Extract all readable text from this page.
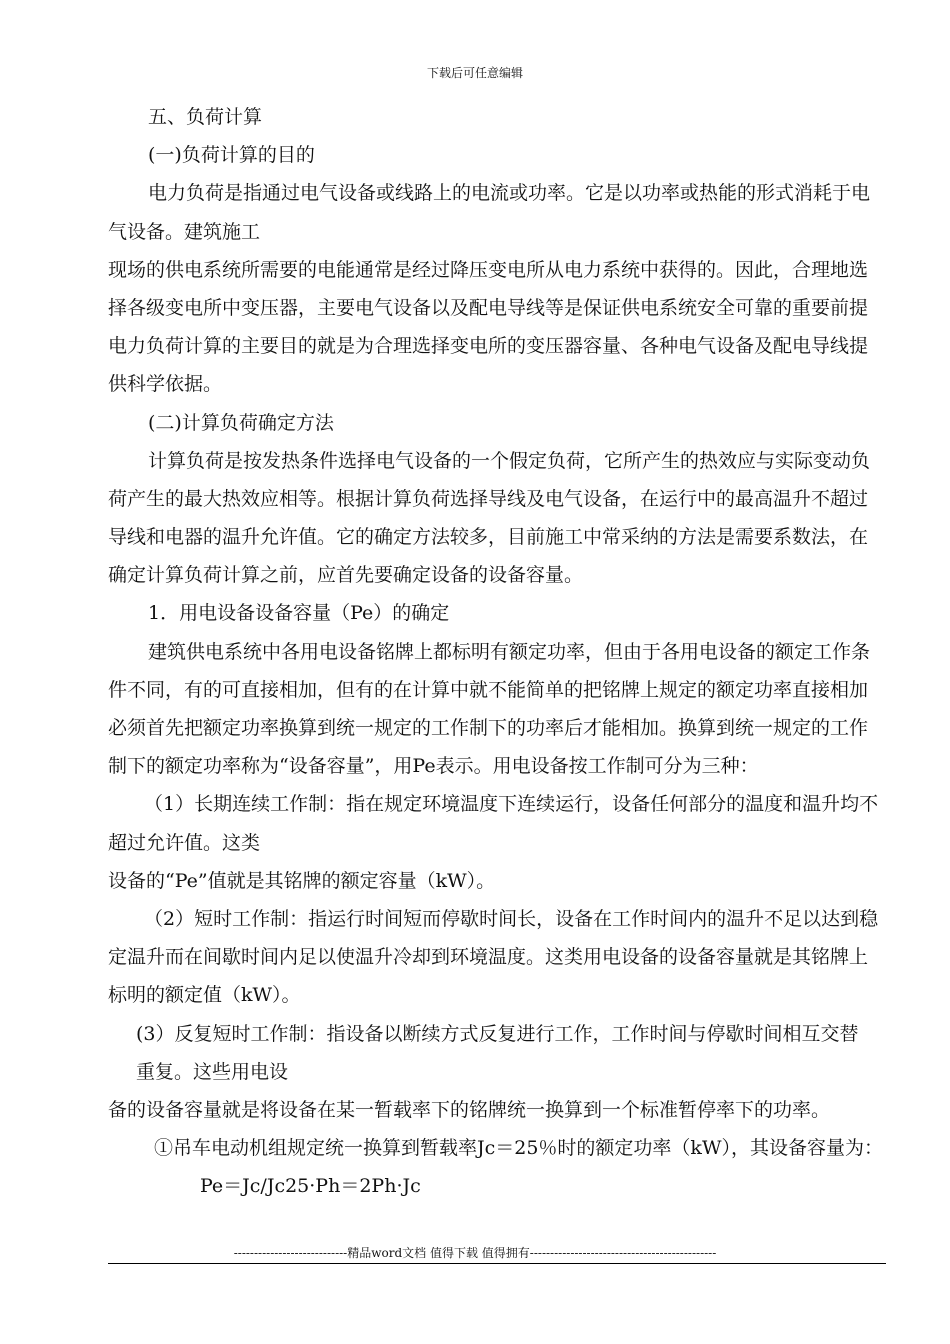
下载后可任意编辑
五、负荷计算
(一)负荷计算的目的
电力负荷是指通过电气设备或线路上的电流或功率。它是以功率或热能的形式消耗于电
气设备。建筑施工
现场的供电系统所需要的电能通常是经过降压变电所从电力系统中获得的。因此，合理地选
择各级变电所中变压器，主要电气设备以及配电导线等是保证供电系统安全可靠的重要前提
电力负荷计算的主要目的就是为合理选择变电所的变压器容量、各种电气设备及配电导线提
供科学依据。
(二)计算负荷确定方法
计算负荷是按发热条件选择电气设备的一个假定负荷，它所产生的热效应与实际变动负
荷产生的最大热效应相等。根据计算负荷选择导线及电气设备，在运行中的最高温升不超过
导线和电器的温升允许值。它的确定方法较多，目前施工中常采纳的方法是需要系数法，在
确定计算负荷计算之前，应首先要确定设备的设备容量。
1．用电设备设备容量（Pe）的确定
建筑供电系统中各用电设备铭牌上都标明有额定功率，但由于各用电设备的额定工作条
件不同，有的可直接相加，但有的在计算中就不能简单的把铭牌上规定的额定功率直接相加
必须首先把额定功率换算到统一规定的工作制下的功率后才能相加。换算到统一规定的工作
制下的额定功率称为“设备容量”，用Pe表示。用电设备按工作制可分为三种：
（1）长期连续工作制：指在规定环境温度下连续运行，设备任何部分的温度和温升均不
超过允许值。这类
设备的“Pe”值就是其铭牌的额定容量（kW）。
（2）短时工作制：指运行时间短而停歇时间长，设备在工作时间内的温升不足以达到稳
定温升而在间歇时间内足以使温升冷却到环境温度。这类用电设备的设备容量就是其铭牌上
标明的额定值（kW）。
(3）反复短时工作制：指设备以断续方式反复进行工作，工作时间与停歇时间相互交替
重复。这些用电设
备的设备容量就是将设备在某一暂载率下的铭牌统一换算到一个标准暂停率下的功率。
①吊车电动机组规定统一换算到暂载率Jc＝25％时的额定功率（kW），其设备容量为：
Pe＝Jc/Jc25·Ph＝2Ph·Jc
----------------------------精品word文档 值得下载 值得拥有----------------------------------------------
